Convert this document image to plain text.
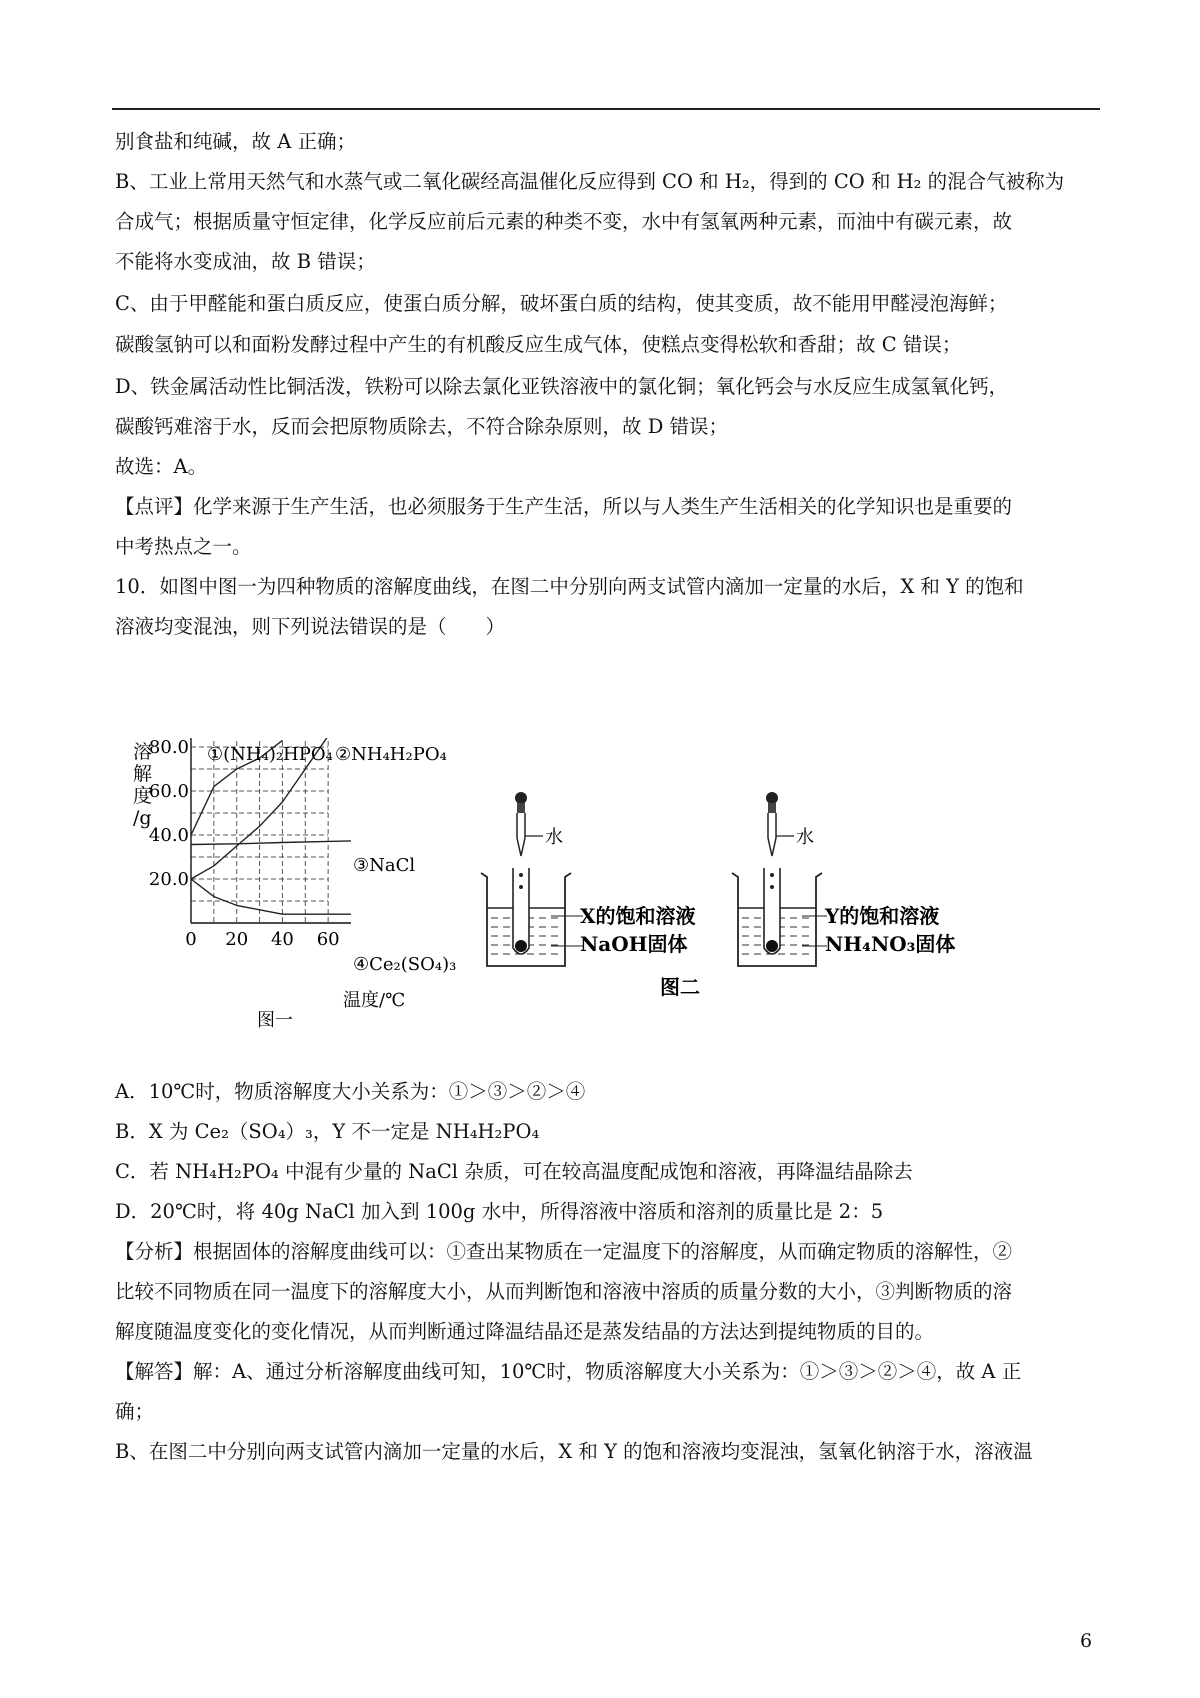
别食盐和纯碱，故 A 正确；
B、工业上常用天然气和水蒸气或二氧化碳经高温催化反应得到 CO 和 H₂，得到的 CO 和 H₂ 的混合气被称为
合成气；根据质量守恒定律，化学反应前后元素的种类不变，水中有氢氧两种元素，而油中有碳元素，故
不能将水变成油，故 B 错误；
C、由于甲醛能和蛋白质反应，使蛋白质分解，破坏蛋白质的结构，使其变质，故不能用甲醛浸泡海鲜；
碳酸氢钠可以和面粉发酵过程中产生的有机酸反应生成气体，使糕点变得松软和香甜；故 C 错误；
D、铁金属活动性比铜活泼，铁粉可以除去氯化亚铁溶液中的氯化铜；氧化钙会与水反应生成氢氧化钙，
碳酸钙难溶于水，反而会把原物质除去，不符合除杂原则，故 D 错误；
故选：A。
【点评】化学来源于生产生活，也必须服务于生产生活，所以与人类生产生活相关的化学知识也是重要的
中考热点之一。
10．如图中图一为四种物质的溶解度曲线，在图二中分别向两支试管内滴加一定量的水后，X 和 Y 的饱和
溶液均变混浊，则下列说法错误的是（　　）
A．10℃时，物质溶解度大小关系为：①＞③＞②＞④
B．X 为 Ce₂（SO₄）₃，Y 不一定是 NH₄H₂PO₄
C．若 NH₄H₂PO₄ 中混有少量的 NaCl 杂质，可在较高温度配成饱和溶液，再降温结晶除去
D．20℃时，将 40g NaCl 加入到 100g 水中，所得溶液中溶质和溶剂的质量比是 2：5
【分析】根据固体的溶解度曲线可以：①查出某物质在一定温度下的溶解度，从而确定物质的溶解性，②
比较不同物质在同一温度下的溶解度大小，从而判断饱和溶液中溶质的质量分数的大小，③判断物质的溶
解度随温度变化的变化情况，从而判断通过降温结晶还是蒸发结晶的方法达到提纯物质的目的。
【解答】解：A、通过分析溶解度曲线可知，10℃时，物质溶解度大小关系为：①＞③＞②＞④，故 A 正
确；
B、在图二中分别向两支试管内滴加一定量的水后，X 和 Y 的饱和溶液均变混浊，氢氧化钠溶于水，溶液温
80.0
60.0
40.0
20.0
0 20 40 60
溶
解
度
/g
①(NH₄)₂HPO₄ ②NH₄H₂PO₄
③NaCl
④Ce₂(SO₄)₃
温度/℃
图一
水
X的饱和溶液
NaOH固体
图二
水
Y的饱和溶液
NH₄NO₃固体
6
